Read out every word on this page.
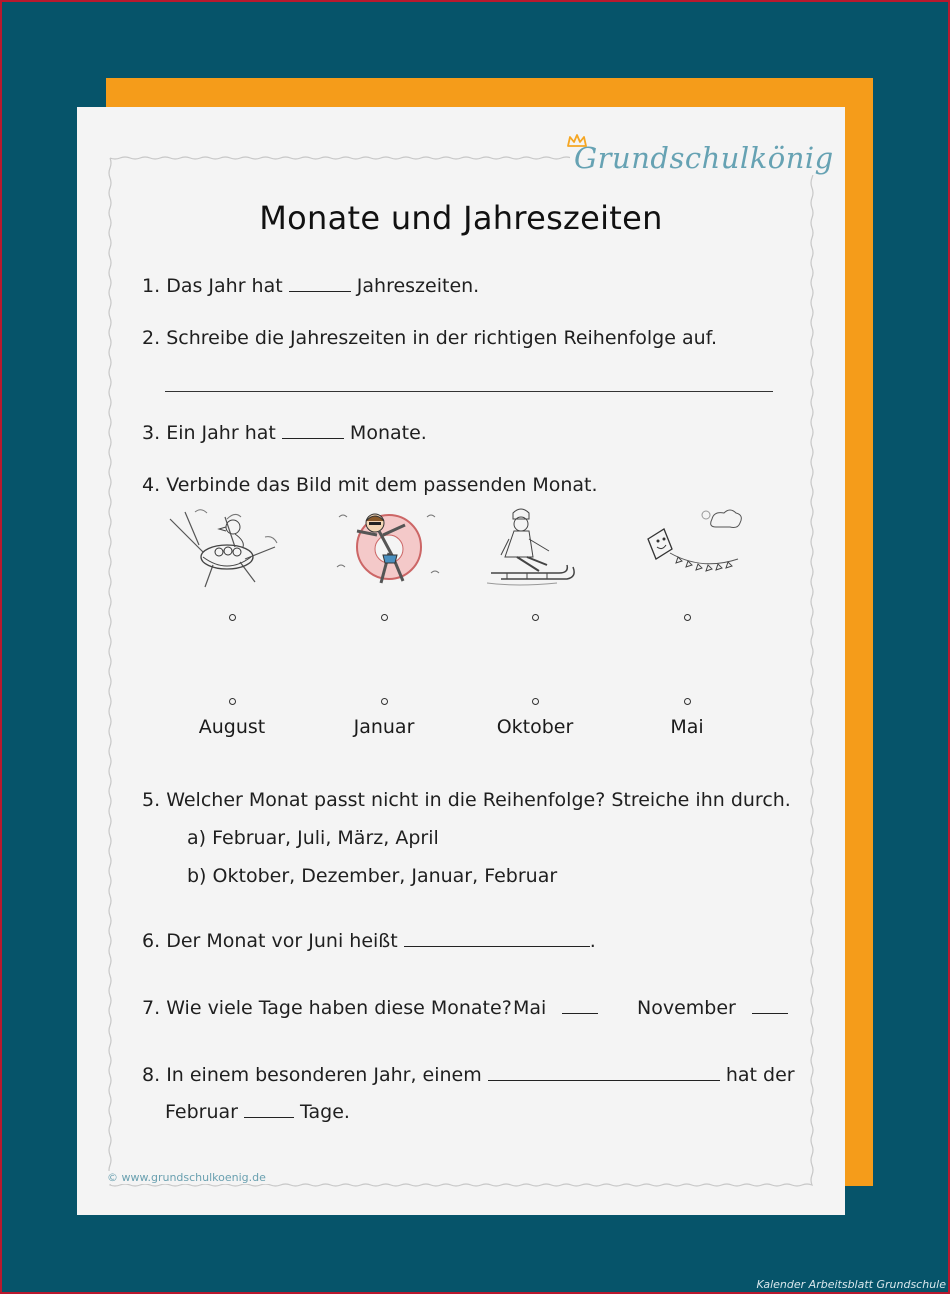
Grundschulkönig
Monate und Jahreszeiten
1. Das Jahr hat	Jahreszeiten.
2. Schreibe die Jahreszeiten in der richtigen Reihenfolge auf.
3. Ein Jahr hat	Monate.
4. Verbinde das Bild mit dem passenden Monat.
August	Januar	Oktober	Mai
5. Welcher Monat passt nicht in die Reihenfolge? Streiche ihn durch.
a) Februar, Juli, März, April
b) Oktober, Dezember, Januar, Februar
6. Der Monat vor Juni heißt	.
7. Wie viele Tage haben diese Monate? Mai	November
8. In einem besonderen Jahr, einem	hat der
Februar	Tage.
© www.grundschulkoenig.de
Kalender Arbeitsblatt Grundschule
